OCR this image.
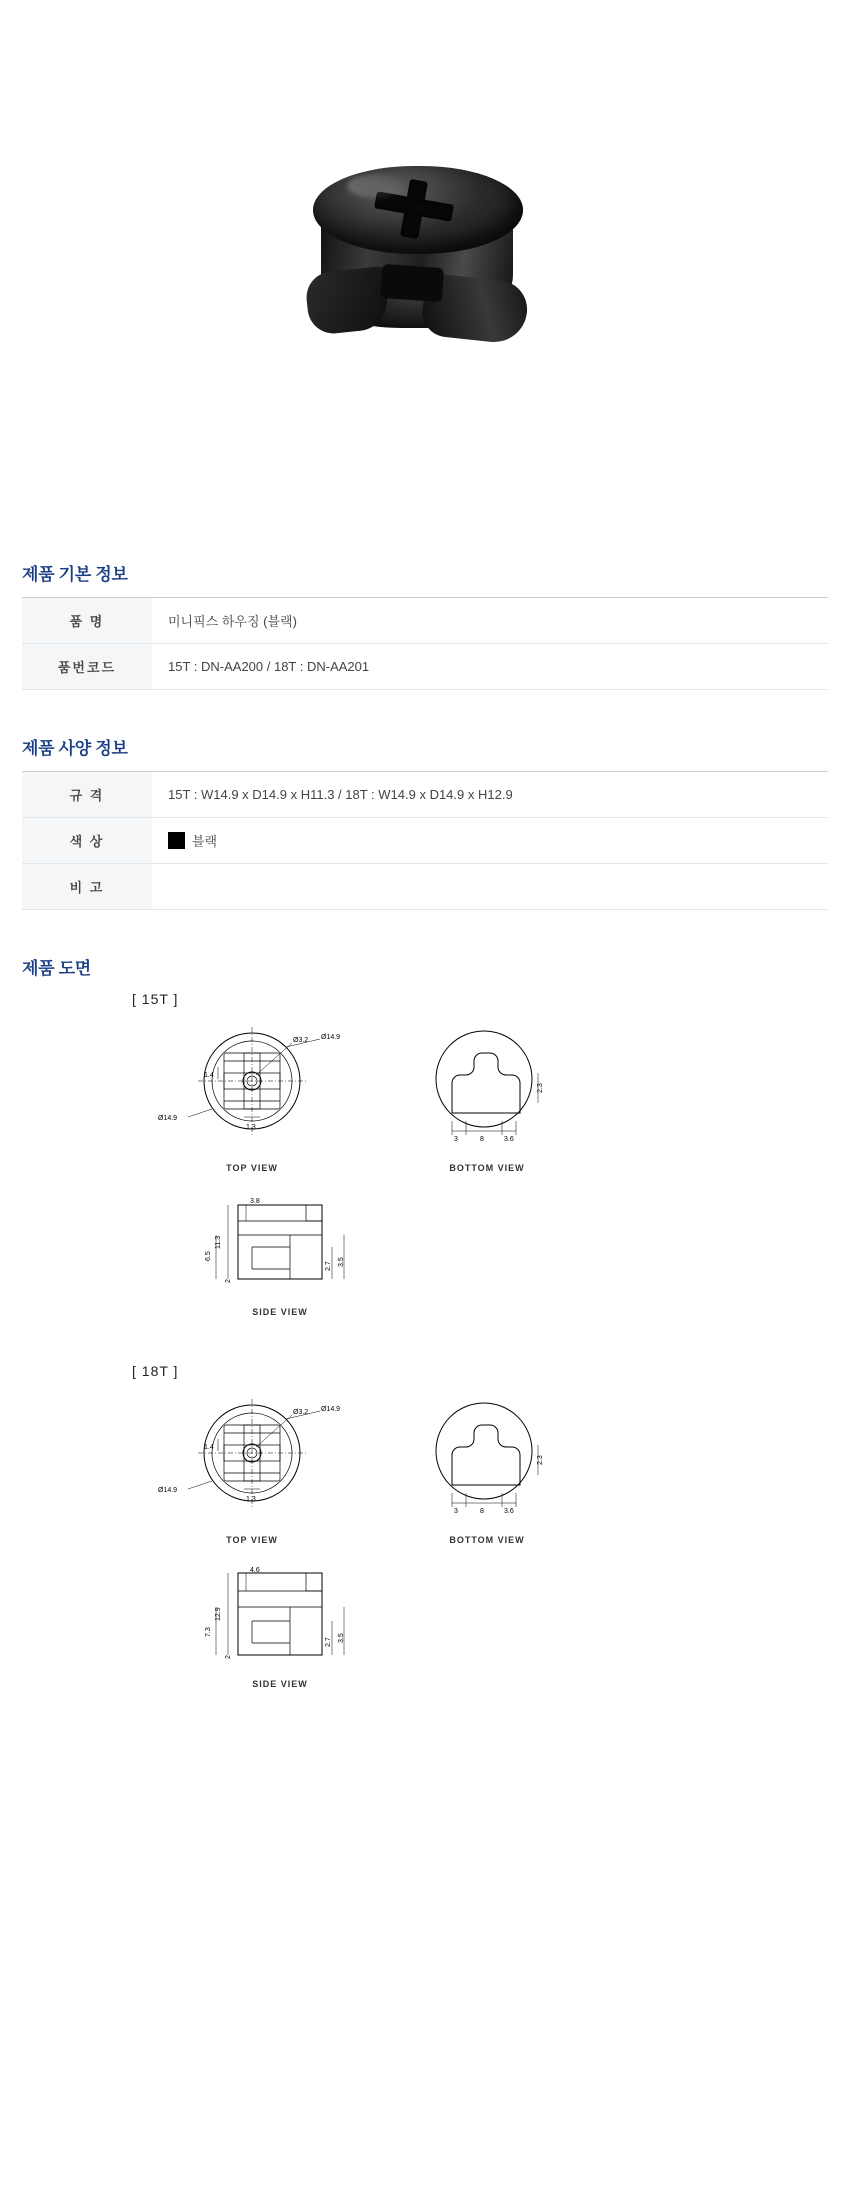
제품 기본 정보
품 명	미니픽스 하우징 (블랙)
품번코드	15T : DN-AA200 / 18T : DN-AA201
제품 사양 정보
규 격	15T : W14.9 x D14.9 x H11.3 / 18T : W14.9 x D14.9 x H12.9
색 상	블랙
비 고	
제품 도면
[ 15T ]
Ø3.2 Ø14.9
1.4
Ø14.9
1.3
TOP VIEW
3	8	3.6
2.3
BOTTOM VIEW
11.3
6.5
3.8
2
2.7 3.5
SIDE VIEW
[ 18T ]
Ø3.2 Ø14.9
1.4
Ø14.9
1.3
TOP VIEW
3	8	3.6
2.3
BOTTOM VIEW
12.9
7.3
4.6
2
2.7 3.5
SIDE VIEW
